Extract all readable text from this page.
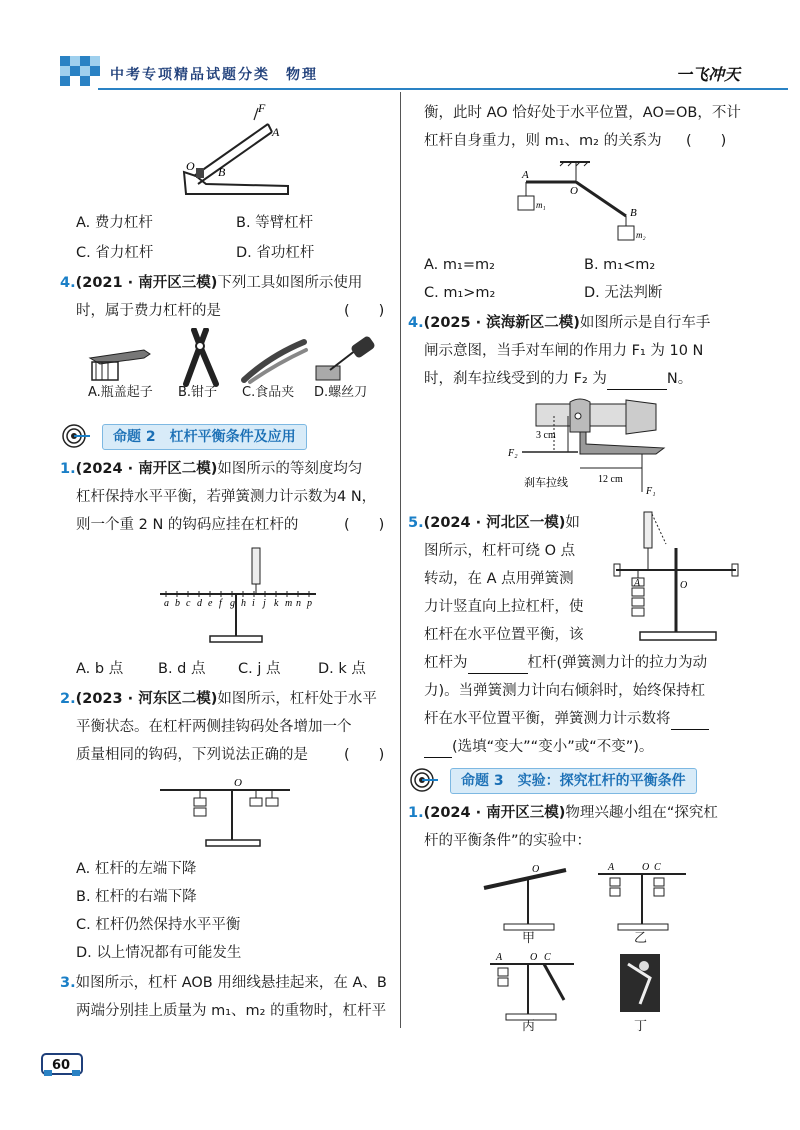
中考专项精品试题分类　物理	一飞冲天
F
A
O B
A. 费力杠杆	B. 等臂杠杆
C. 省力杠杆	D. 省功杠杆
4.(2021 · 南开区三模)下列工具如图所示使用
时，属于费力杠杆的是	(　　)
A.瓶盖起子 B.钳子 C.食品夹 D.螺丝刀
命题 2　杠杆平衡条件及应用
1.(2024 · 南开区二模)如图所示的等刻度均匀
杠杆保持水平平衡，若弹簧测力计示数为4 N，
则一个重 2 N 的钩码应挂在杠杆的	(　　)
a b c d e f g h i j k m n p
A. b 点 B. d 点 C. j 点	D. k 点
2.(2023 · 河东区二模)如图所示，杠杆处于水平
平衡状态。在杠杆两侧挂钩码处各增加一个
质量相同的钩码，下列说法正确的是 (　　)
O
A. 杠杆的左端下降
B. 杠杆的右端下降
C. 杠杆仍然保持水平平衡
D. 以上情况都有可能发生
3.如图所示，杠杆 AOB 用细线悬挂起来，在 A、B
两端分别挂上质量为 m₁、m₂ 的重物时，杠杆平
60
衡，此时 AO 恰好处于水平位置，AO=OB，不计
杠杆自身重力，则 m₁、m₂ 的关系为 (　　)
A
O
B
m₁
m₂
A. m₁=m₂	B. m₁<m₂
C. m₁>m₂	D. 无法判断
4.(2025 · 滨海新区二模)如图所示是自行车手
闸示意图，当手对车闸的作用力 F₁ 为 10 N
时，刹车拉线受到的力 F₂ 为	N。
3 cm
F₂
刹车拉线	12 cm
F₁
5.(2024 · 河北区一模)如
图所示，杠杆可绕 O 点
转动，在 A 点用弹簧测
力计竖直向上拉杠杆，使
杠杆在水平位置平衡，该
杠杆为	杠杆(弹簧测力计的拉力为动
力)。当弹簧测力计向右倾斜时，始终保持杠
杆在水平位置平衡，弹簧测力计示数将
(选填“变大”“变小”或“不变”)。
A	O
命题 3　实验：探究杠杆的平衡条件
1.(2024 · 南开区三模)物理兴趣小组在“探究杠
杆的平衡条件”的实验中：
O
甲
A	O C
乙
A	O C
丙	丁
